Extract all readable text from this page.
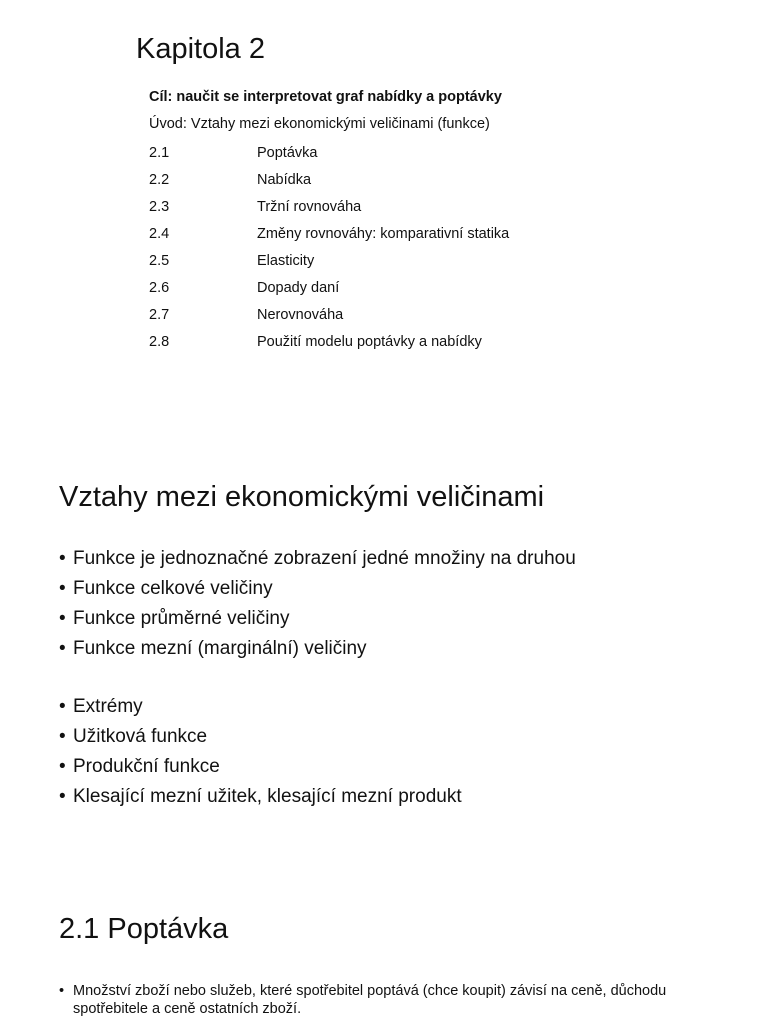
Kapitola 2
Cíl: naučit se interpretovat graf nabídky a poptávky
Úvod: Vztahy mezi ekonomickými veličinami (funkce)
2.1	Poptávka
2.2	Nabídka
2.3	Tržní rovnováha
2.4	Změny rovnováhy: komparativní statika
2.5	Elasticity
2.6	Dopady daní
2.7	Nerovnováha
2.8	Použití modelu poptávky a nabídky
Vztahy mezi ekonomickými veličinami
• Funkce je jednoznačné zobrazení jedné množiny na druhou
• Funkce celkové veličiny
• Funkce průměrné veličiny
• Funkce mezní (marginální) veličiny
• Extrémy
• Užitková funkce
• Produkční funkce
• Klesající mezní užitek, klesající mezní produkt
2.1 Poptávka
• Množství zboží nebo služeb, které spotřebitel poptává (chce koupit) závisí na ceně, důchodu spotřebitele a ceně ostatních zboží.
